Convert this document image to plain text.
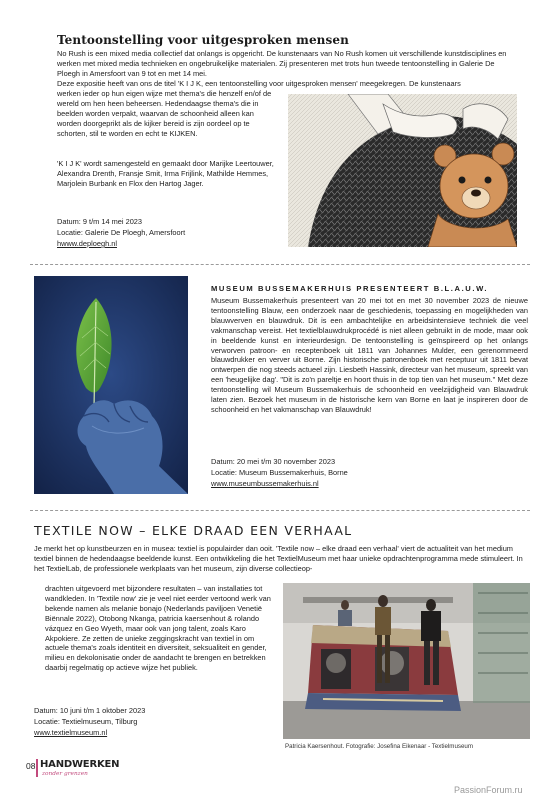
Tentoonstelling voor uitgesproken mensen

No Rush is een mixed media collectief dat onlangs is opgericht. De kunstenaars van No Rush komen uit verschillende kunstdisciplines en werken met mixed media technieken en ongebruikelijke materialen. Zij presenteren met trots hun tweede tentoonstelling in Galerie De Ploegh in Amersfoort van 9 tot en met 14 mei.

Deze expositie heeft van ons de titel 'K I J K, een tentoonstelling voor uitgesproken mensen' meegekregen. De kunstenaars

werken ieder op hun eigen wijze met thema's die henzelf en/of de wereld om hen heen beheersen. Hedendaagse thema's die in beelden worden verpakt, waarvan de schoonheid alleen kan worden doorgeprikt als de kijker bereid is zijn oordeel op te schorten, stil te worden en echt te KIJKEN.

'K I J K' wordt samengesteld en gemaakt door Marijke Leertouwer, Alexandra Drenth, Fransje Smit, Irma Frijlink, Mathilde Hemmes, Marjolein Burbank en Flox den Hartog Jager.

Datum: 9 t/m 14 mei 2023

Locatie: Galerie De Ploegh, Amersfoort

hwww.deploegh.nl
MUSEUM BUSSEMAKERHUIS PRESENTEERT B.L.A.U.W.

Museum Bussemakerhuis presenteert van 20 mei tot en met 30 november 2023 de nieuwe tentoonstelling Blauw, een onderzoek naar de geschiedenis, toepassing en mogelijkheden van blauwverven en blauwdruk. Dit is een ambachtelijke en arbeidsintensieve techniek die veel vakmanschap vereist. Het textielblauwdrukprocédé is niet alleen gebruikt in de mode, maar ook in beeldende kunst en interieurdesign. De tentoonstelling is geïnspireerd op het onlangs verworven patroon- en receptenboek uit 1811 van Johannes Mulder, een gerenommeerd blauwdrukker en verver uit Borne. Zijn historische patronenboek met receptuur uit 1811 bevat ontwerpen die nog steeds actueel zijn. Liesbeth Hassink, directeur van het museum, spreekt van een 'heugelijke dag'. "Dit is zo'n pareltje en hoort thuis in de top tien van het museum." Met deze tentoonstelling wil Museum Bussemakerhuis de schoonheid en veelzijdigheid van Blauwdruk laten zien. Bezoek het museum in de historische kern van Borne en laat je inspireren door de schoonheid en het vakmanschap van Blauwdruk!

Datum: 20 mei t/m 30 november 2023

Locatie: Museum Bussemakerhuis, Borne

www.museumbussemakerhuis.nl
TEXTILE NOW – ELKE DRAAD EEN VERHAAL

Je merkt het op kunstbeurzen en in musea: textiel is populairder dan ooit. 'Textile now – elke draad een verhaal' viert de actualiteit van het medium textiel binnen de hedendaagse beeldende kunst. Een ontwikkeling die het TextielMuseum met haar unieke opdrachtenprogramma mede stimuleert. In het TextielLab, de professionele werkplaats van het museum, zijn diverse collectieop-

drachten uitgevoerd met bijzondere resultaten – van installaties tot wandkleden. In 'Textile now' zie je veel niet eerder vertoond werk van bekende namen als melanie bonajo (Nederlands paviljoen Venetië Biënnale 2022), Otobong Nkanga, patricia kaersenhout & rolando vázquez en Geo Wyeth, maar ook van jong talent, zoals Karo Akpokiere. Ze zetten de unieke zeggingskracht van textiel in om actuele thema's zoals identiteit en diversiteit, seksualiteit en gender, milieu en dekolonisatie onder de aandacht te brengen en betrekken daarbij regelmatig op actieve wijze het publiek.

Datum: 10 juni t/m 1 oktober 2023

Locatie: Textielmuseum, Tilburg

www.textielmuseum.nl

Patricia Kaersenhout. Fotografie: Josefina Eikenaar - Textielmuseum

08 HANDWERKEN
zonder grenzen
PassionForum.ru
